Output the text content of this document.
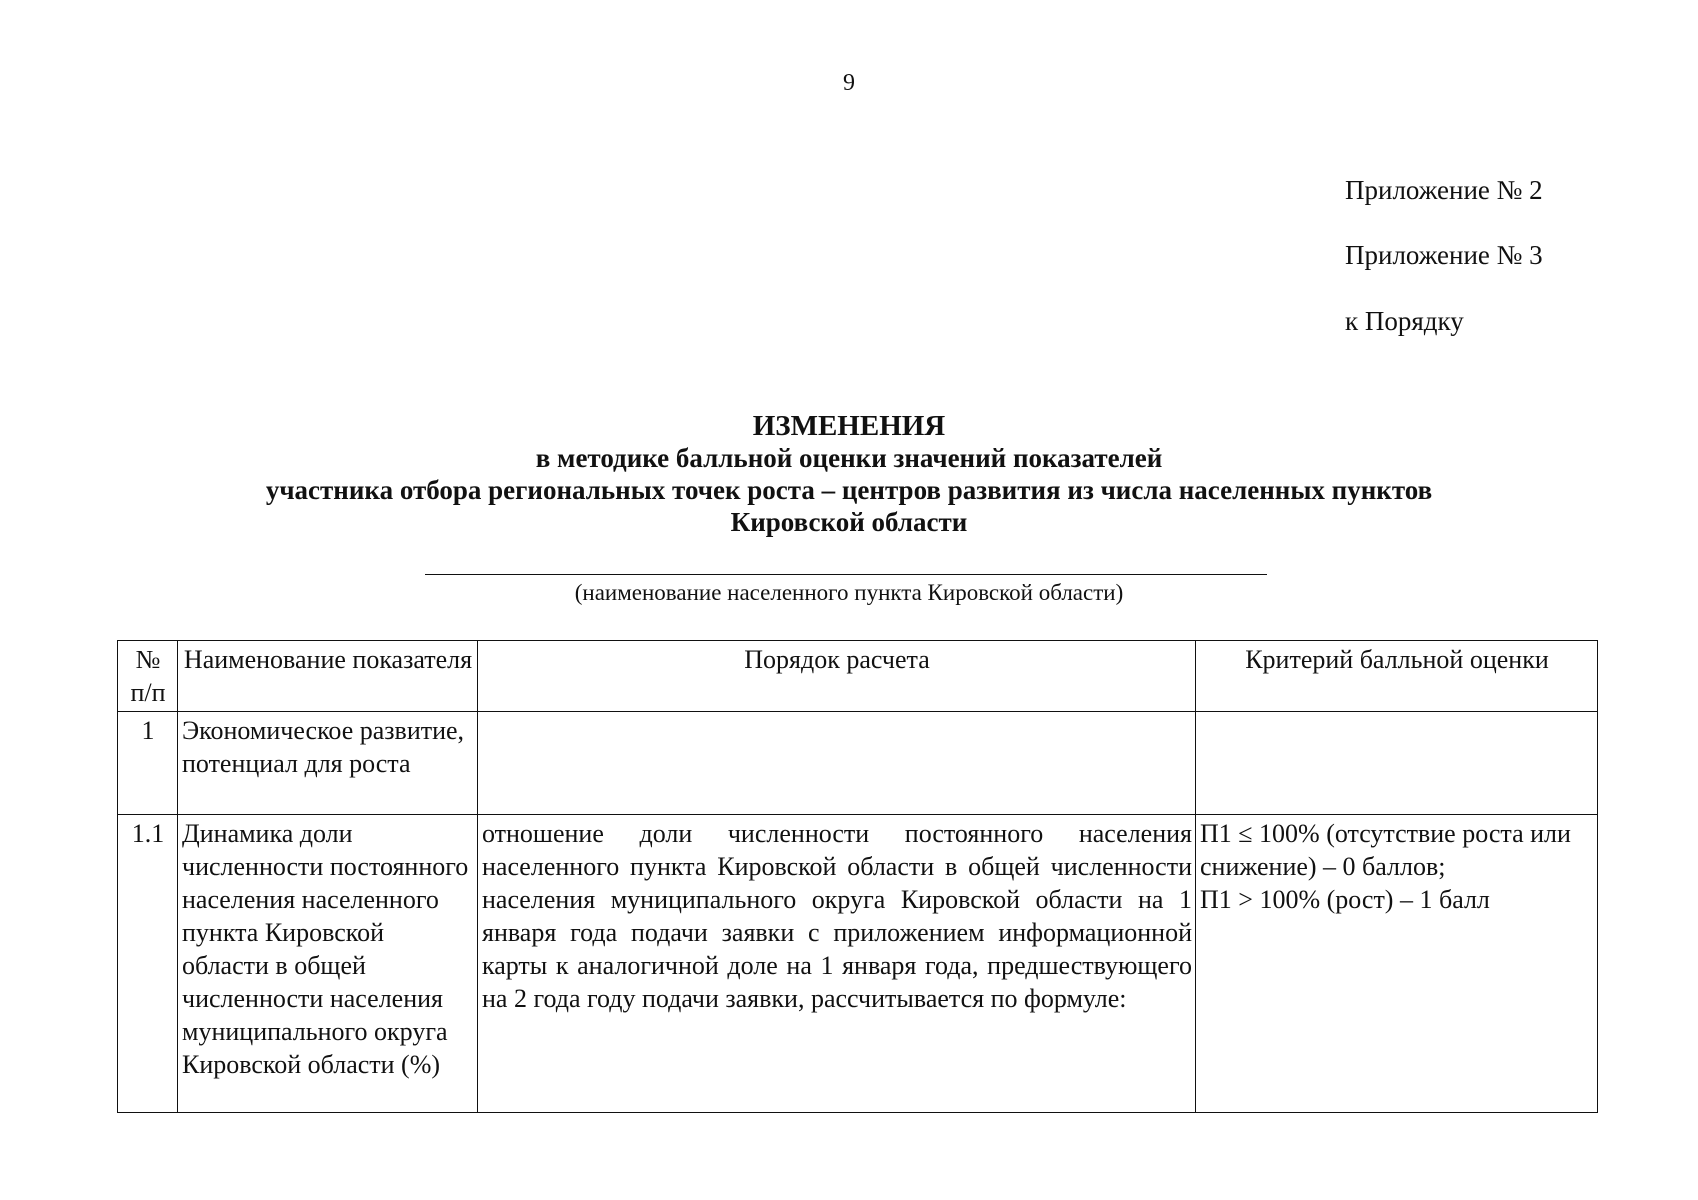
9
Приложение № 2
Приложение № 3
к Порядку
ИЗМЕНЕНИЯ
в методике балльной оценки значений показателей
участника отбора региональных точек роста – центров развития из числа населенных пунктов
Кировской области
(наименование населенного пункта Кировской области)
№ п/п	Наименование показателя	Порядок расчета	Критерий балльной оценки
1	Экономическое развитие, потенциал для роста		
1.1	Динамика доли численности постоянного населения населенного пункта Кировской области в общей численности населения муниципального округа Кировской области (%)	отношение доли численности постоянного населения населенного пункта Кировской области в общей численности населения муниципального округа Кировской области на 1 января года подачи заявки с приложением информационной карты к аналогичной доле на 1 января года, предшествующего на 2 года году подачи заявки, рассчитывается по формуле:	П1 ≤ 100% (отсутствие роста или снижение) – 0 баллов;
П1 > 100% (рост) – 1 балл
